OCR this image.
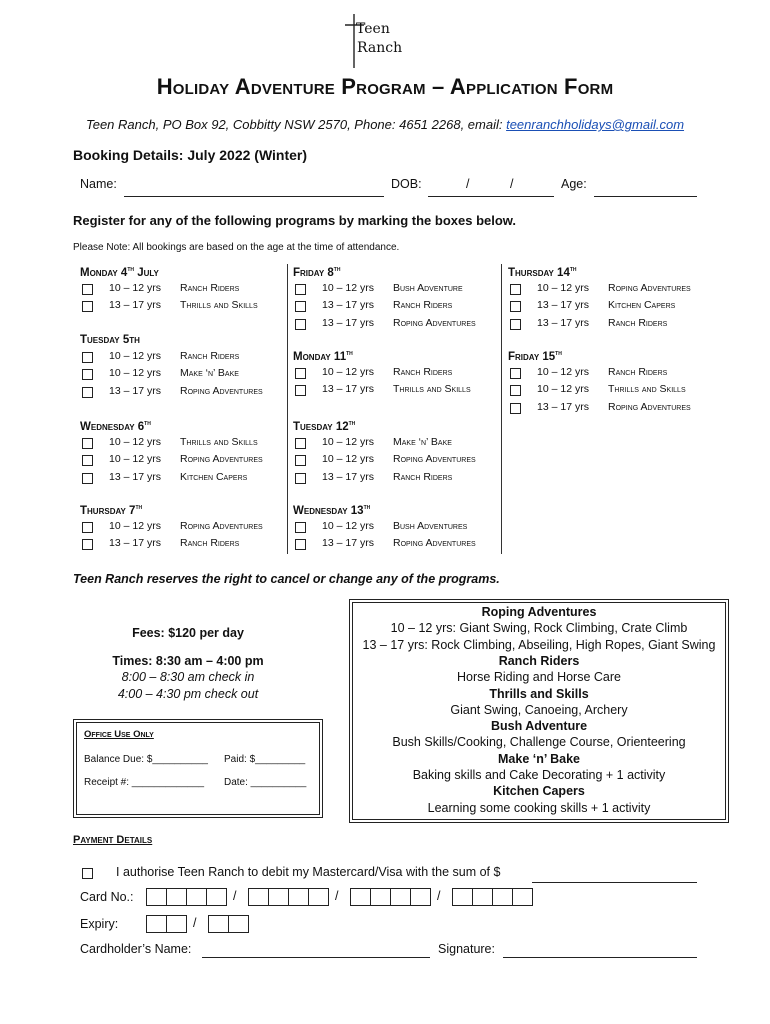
Teen
Ranch
Holiday Adventure Program – Application Form
Teen Ranch, PO Box 92, Cobbitty NSW 2570, Phone: 4651 2268, email: teenranchholidays@gmail.com
Booking Details: July 2022 (Winter)
Name:	DOB:	/	/	Age:
Register for any of the following programs by marking the boxes below.
Please Note: All bookings are based on the age at the time of attendance.
Monday 4th July
10 – 12 yrs Ranch Riders
13 – 17 yrs Thrills and Skills
Tuesday 5th
10 – 12 yrs Ranch Riders
10 – 12 yrs Make ‘n’ Bake
13 – 17 yrs Roping Adventures
Wednesday 6th
10 – 12 yrs Thrills and Skills
10 – 12 yrs Roping Adventures
13 – 17 yrs Kitchen Capers
Thursday 7th
10 – 12 yrs Roping Adventures
13 – 17 yrs Ranch Riders
Friday 8th
10 – 12 yrs Bush Adventure
13 – 17 yrs Ranch Riders
13 – 17 yrs Roping Adventures
Monday 11th
10 – 12 yrs Ranch Riders
13 – 17 yrs Thrills and Skills
Tuesday 12th
10 – 12 yrs Make ‘n’ Bake
10 – 12 yrs Roping Adventures
13 – 17 yrs Ranch Riders
Wednesday 13th
10 – 12 yrs Bush Adventures
13 – 17 yrs Roping Adventures
Thursday 14th
10 – 12 yrs Roping Adventures
13 – 17 yrs Kitchen Capers
13 – 17 yrs Ranch Riders
Friday 15th
10 – 12 yrs Ranch Riders
10 – 12 yrs Thrills and Skills
13 – 17 yrs Roping Adventures
Teen Ranch reserves the right to cancel or change any of the programs.
Fees: $120 per day
Times: 8:30 am – 4:00 pm
8:00 – 8:30 am check in
4:00 – 4:30 pm check out
Office Use Only
Balance Due: $__________ Paid: $_________
Receipt #: _____________ Date: __________
Roping Adventures
10 – 12 yrs: Giant Swing, Rock Climbing, Crate Climb
13 – 17 yrs: Rock Climbing, Abseiling, High Ropes, Giant Swing
Ranch Riders
Horse Riding and Horse Care
Thrills and Skills
Giant Swing, Canoeing, Archery
Bush Adventure
Bush Skills/Cooking, Challenge Course, Orienteering
Make ‘n’ Bake
Baking skills and Cake Decorating + 1 activity
Kitchen Capers
Learning some cooking skills + 1 activity
Payment Details
I authorise Teen Ranch to debit my Mastercard/Visa with the sum of $
Card No.:	/	/	/
Expiry:	/
Cardholder’s Name:	Signature:
